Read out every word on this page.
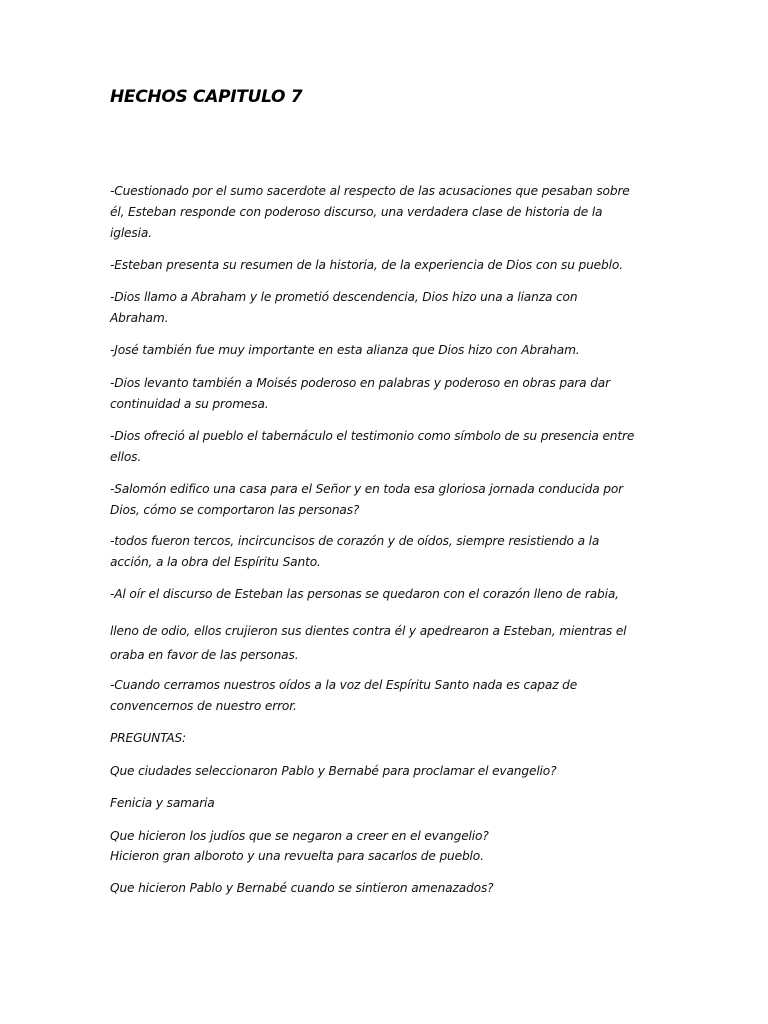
HECHOS CAPITULO 7

-Cuestionado por el sumo sacerdote al respecto de las acusaciones que pesaban sobre
él, Esteban responde con poderoso discurso, una verdadera clase de historia de la
iglesia.

-Esteban presenta su resumen de la historia, de la experiencia de Dios con su pueblo.

-Dios llamo a Abraham y le prometió descendencia, Dios hizo una a lianza con
Abraham.

-José también fue muy importante en esta alianza que Dios hizo con Abraham.

-Dios levanto también a Moisés poderoso en palabras y poderoso en obras para dar
continuidad a su promesa.

-Dios ofreció al pueblo el tabernáculo el testimonio como símbolo de su presencia entre
ellos.

-Salomón edifico una casa para el Señor y en toda esa gloriosa jornada conducida por
Dios, cómo se comportaron las personas?

-todos fueron tercos, incircuncisos de corazón y de oídos, siempre resistiendo a la
acción, a la obra del Espíritu Santo.

-Al oír el discurso de Esteban las personas se quedaron con el corazón lleno de rabia,

lleno de odio, ellos crujieron sus dientes contra él y apedrearon a Esteban, mientras el
oraba en favor de las personas.

-Cuando cerramos nuestros oídos a la voz del Espíritu Santo nada es capaz de
convencernos de nuestro error.

PREGUNTAS:

Que ciudades seleccionaron Pablo y Bernabé para proclamar el evangelio?

Fenicia y samaria

Que hicieron los judíos que se negaron a creer en el evangelio?
Hicieron gran alboroto y una revuelta para sacarlos de pueblo.

Que hicieron Pablo y Bernabé cuando se sintieron amenazados?
